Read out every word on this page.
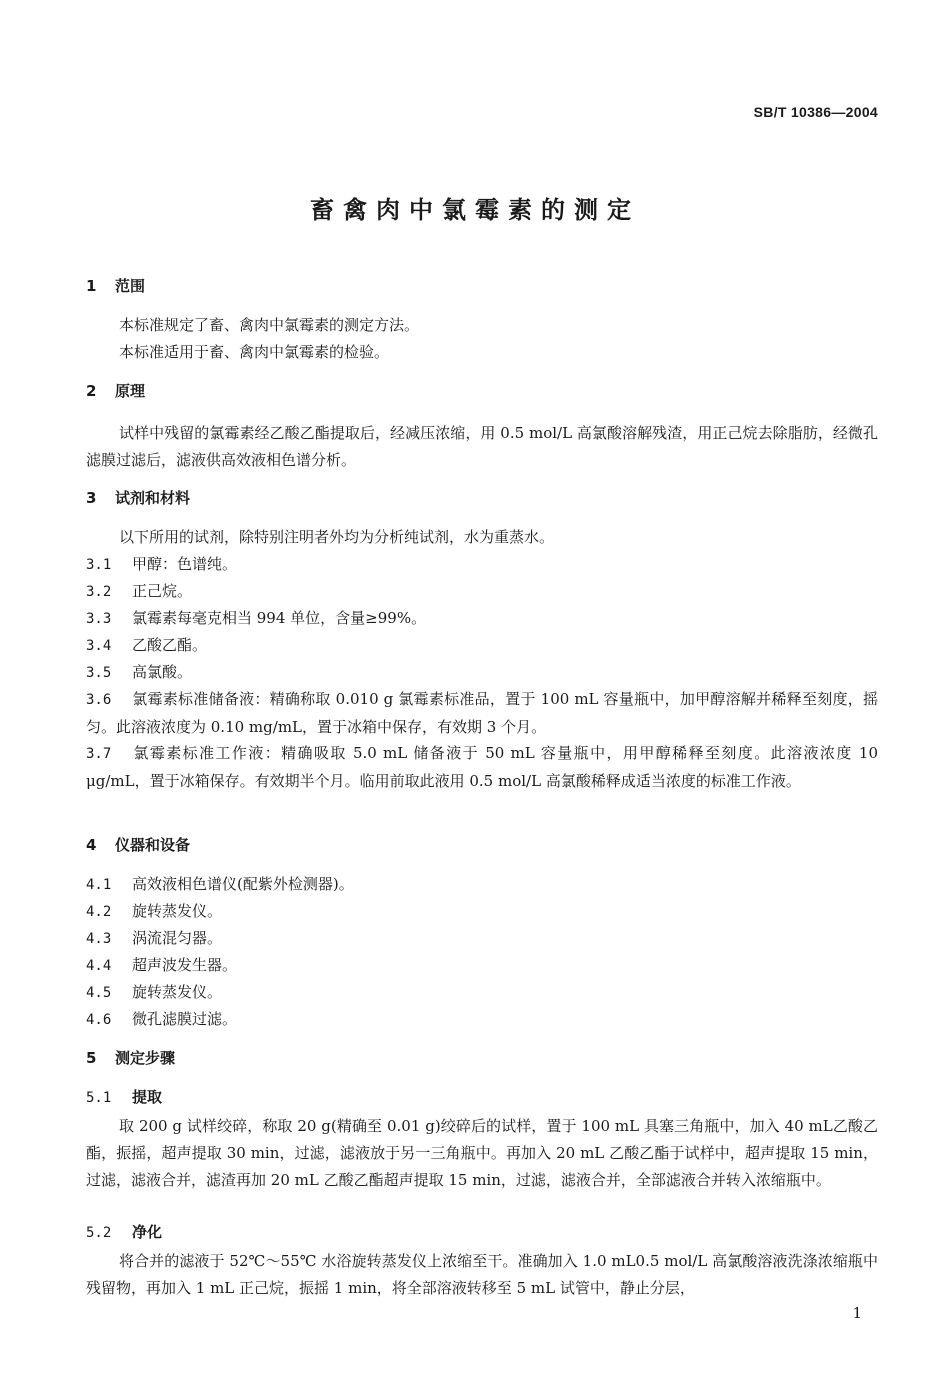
SB/T 10386—2004
畜禽肉中氯霉素的测定
1 范围
本标准规定了畜、禽肉中氯霉素的测定方法。
本标准适用于畜、禽肉中氯霉素的检验。
2 原理
试样中残留的氯霉素经乙酸乙酯提取后，经减压浓缩，用 0.5 mol/L 高氯酸溶解残渣，用正己烷去除脂肪，经微孔滤膜过滤后，滤液供高效液相色谱分析。
3 试剂和材料
以下所用的试剂，除特别注明者外均为分析纯试剂，水为重蒸水。
3.1 甲醇：色谱纯。
3.2 正己烷。
3.3 氯霉素每毫克相当 994 单位，含量≥99%。
3.4 乙酸乙酯。
3.5 高氯酸。
3.6 氯霉素标准储备液：精确称取 0.010 g 氯霉素标准品，置于 100 mL 容量瓶中，加甲醇溶解并稀释至刻度，摇匀。此溶液浓度为 0.10 mg/mL，置于冰箱中保存，有效期 3 个月。
3.7 氯霉素标准工作液：精确吸取 5.0 mL 储备液于 50 mL 容量瓶中，用甲醇稀释至刻度。此溶液浓度 10 μg/mL，置于冰箱保存。有效期半个月。临用前取此液用 0.5 mol/L 高氯酸稀释成适当浓度的标准工作液。
4 仪器和设备
4.1 高效液相色谱仪(配紫外检测器)。
4.2 旋转蒸发仪。
4.3 涡流混匀器。
4.4 超声波发生器。
4.5 旋转蒸发仪。
4.6 微孔滤膜过滤。
5 测定步骤
5.1 提取
取 200 g 试样绞碎，称取 20 g(精确至 0.01 g)绞碎后的试样，置于 100 mL 具塞三角瓶中，加入 40 mL乙酸乙酯，振摇，超声提取 30 min，过滤，滤液放于另一三角瓶中。再加入 20 mL 乙酸乙酯于试样中，超声提取 15 min，过滤，滤液合并，滤渣再加 20 mL 乙酸乙酯超声提取 15 min，过滤，滤液合并，全部滤液合并转入浓缩瓶中。
5.2 净化
将合并的滤液于 52℃～55℃ 水浴旋转蒸发仪上浓缩至干。准确加入 1.0 mL0.5 mol/L 高氯酸溶液洗涤浓缩瓶中残留物，再加入 1 mL 正己烷，振摇 1 min，将全部溶液转移至 5 mL 试管中，静止分层，
1
